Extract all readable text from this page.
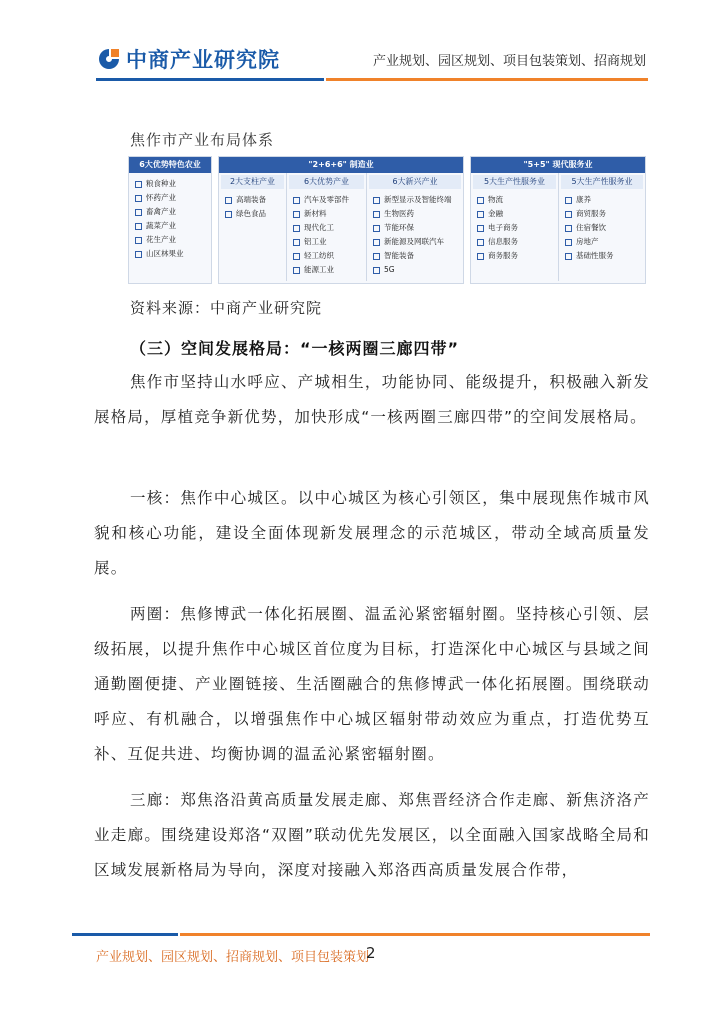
中商产业研究院	产业规划、园区规划、项目包装策划、招商规划
焦作市产业布局体系
6大优势特色农业
粮食种业
怀药产业
畜禽产业
蔬菜产业
花生产业
山区林果业
"2+6+6" 制造业
2大支柱产业
高端装备
绿色食品
6大优势产业
汽车及零部件
新材料
现代化工
铝工业
轻工纺织
能源工业
6大新兴产业
新型显示及智能终端
生物医药
节能环保
新能源及网联汽车
智能装备
5G
"5+5" 现代服务业
5大生产性服务业
物流
金融
电子商务
信息服务
商务服务
5大生产性服务业
康养
商贸服务
住宿餐饮
房地产
基础性服务
资料来源：中商产业研究院
（三）空间发展格局：“一核两圈三廊四带”

焦作市坚持山水呼应、产城相生，功能协同、能级提升，积极融入新发展格局，厚植竞争新优势，加快形成“一核两圈三廊四带”的空间发展格局。

一核：焦作中心城区。以中心城区为核心引领区，集中展现焦作城市风貌和核心功能，建设全面体现新发展理念的示范城区，带动全域高质量发展。

两圈：焦修博武一体化拓展圈、温孟沁紧密辐射圈。坚持核心引领、层级拓展，以提升焦作中心城区首位度为目标，打造深化中心城区与县域之间通勤圈便捷、产业圈链接、生活圈融合的焦修博武一体化拓展圈。围绕联动呼应、有机融合，以增强焦作中心城区辐射带动效应为重点，打造优势互补、互促共进、均衡协调的温孟沁紧密辐射圈。

三廊：郑焦洛沿黄高质量发展走廊、郑焦晋经济合作走廊、新焦济洛产业走廊。围绕建设郑洛“双圈”联动优先发展区，以全面融入国家战略全局和区域发展新格局为导向，深度对接融入郑洛西高质量发展合作带，

产业规划、园区规划、招商规划、项目包装策划
2
